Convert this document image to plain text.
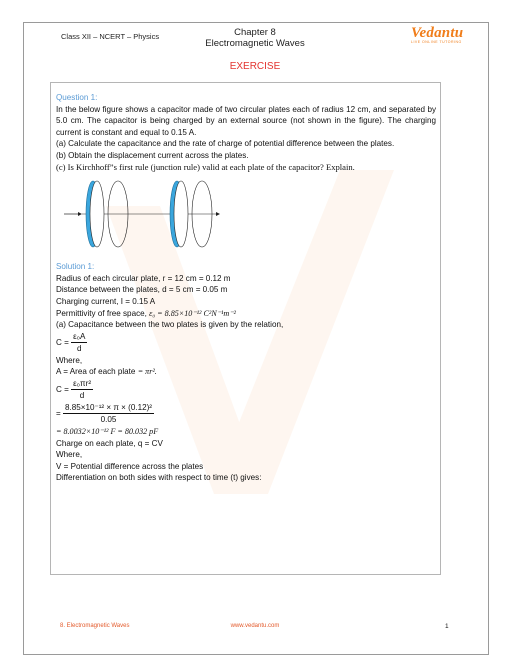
Class XII – NCERT – Physics	Chapter 8
Electromagnetic Waves
Vedantu
LIVE ONLINE TUTORING
EXERCISE

Question 1:

In the below figure shows a capacitor made of two circular plates each of radius 12 cm, and separated by 5.0 cm. The capacitor is being charged by an external source (not shown in the figure). The charging current is constant and equal to 0.15 A.

(a) Calculate the capacitance and the rate of charge of potential difference between the plates.

(b) Obtain the displacement current across the plates.

(c) Is Kirchhoff”s first rule (junction rule) valid at each plate of the capacitor? Explain.

Solution 1:

Radius of each circular plate, r = 12 cm = 0.12 m

Distance between the plates, d = 5 cm = 0.05 m

Charging current, I = 0.15 A

Permittivity of free space, ε₀ = 8.85×10⁻¹² C²N⁻¹m⁻²

(a) Capacitance between the two plates is given by the relation,

C =
$\frac{\text{ε₀A}}{d}$

Where,

A = Area of each plate = πr².

C =
$\frac{\text{ε₀πr²}}{d}$
=
$\frac{\text{8.85×10⁻¹² × π × (0.12)²}}{0.05}$

= 8.0032×10⁻¹² F = 80.032 pF

Charge on each plate, q = CV

Where,

V = Potential difference across the plates

Differentiation on both sides with respect to time (t) gives:

8. Electromagnetic Waves	www.vedantu.com	1
